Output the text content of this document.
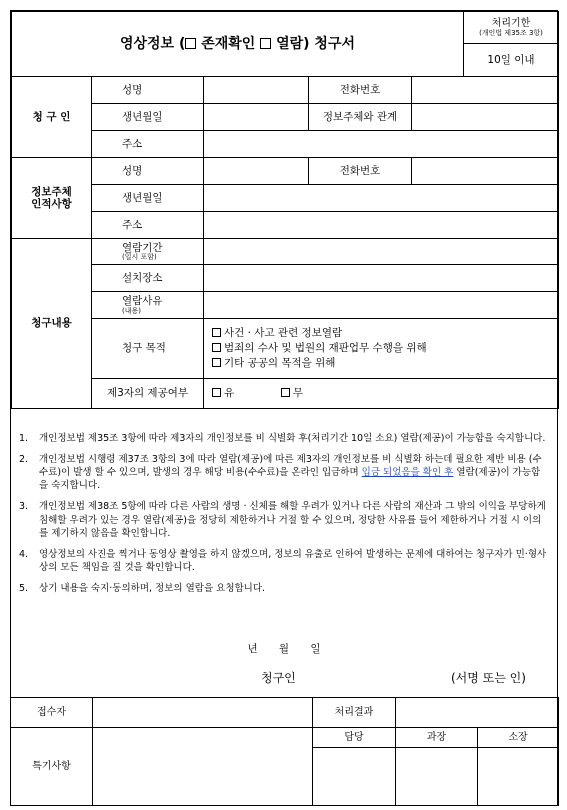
영상정보 ( 존재확인 열람) 청구서	
처리기한
(개인법 제35조 3항)

10일 이내
청 구 인	성명		전화번호	
	생년월일		정보주체와 관계	
	주소			
정보주체
인적사항	성명		전화번호	
	생년월일			
	주소			
청구내용	열람기간
(일시 포함)			

	설치장소			
	열람사유
(내용)			

	청구 목적	사건 · 사고 관련 정보열람
범죄의 수사 및 법원의 재판업무 수행을 위해
기타 공공의 목적을 위해		

	제3자의 제공여부	유 무		
1. 개인정보법 제35조 3항에 따라 제3자의 개인정보를 비 식별화 후(처리기간 10일 소요) 열람(제공)이 가능함을 숙지합니다.
2. 개인정보법 시행령 제37조 3항의 3에 따라 열람(제공)에 따른 제3자의 개인정보를 비 식별화 하는데 필요한 제반 비용 (수수료)이 발생 할 수 있으며, 발생의 경우 해당 비용(수수료)을 온라인 입금하며 입금 되었음을 확인 후 열람(제공)이 가능함을 숙지합니다.
3. 개인정보법 제38조 5항에 따라 다른 사람의 생명 · 신체를 해할 우려가 있거나 다른 사람의 재산과 그 밖의 이익을 부당하게 침해할 우려가 있는 경우 열람(제공)을 정당히 제한하거나 거절 할 수 있으며, 정당한 사유를 들어 제한하거나 거절 시 이의를 제기하지 않음을 확인합니다.
4. 영상정보의 사진을 찍거나 동영상 촬영을 하지 않겠으며, 정보의 유출로 인하여 발생하는 문제에 대하여는 청구자가 민·형사상의 모든 책임을 질 것을 확인합니다.
5. 상기 내용을 숙지·동의하며, 정보의 열람을 요청합니다.
년 월 일
청구인	(서명 또는 인)
접수자		처리결과		
특기사항		담당	과장	소장
